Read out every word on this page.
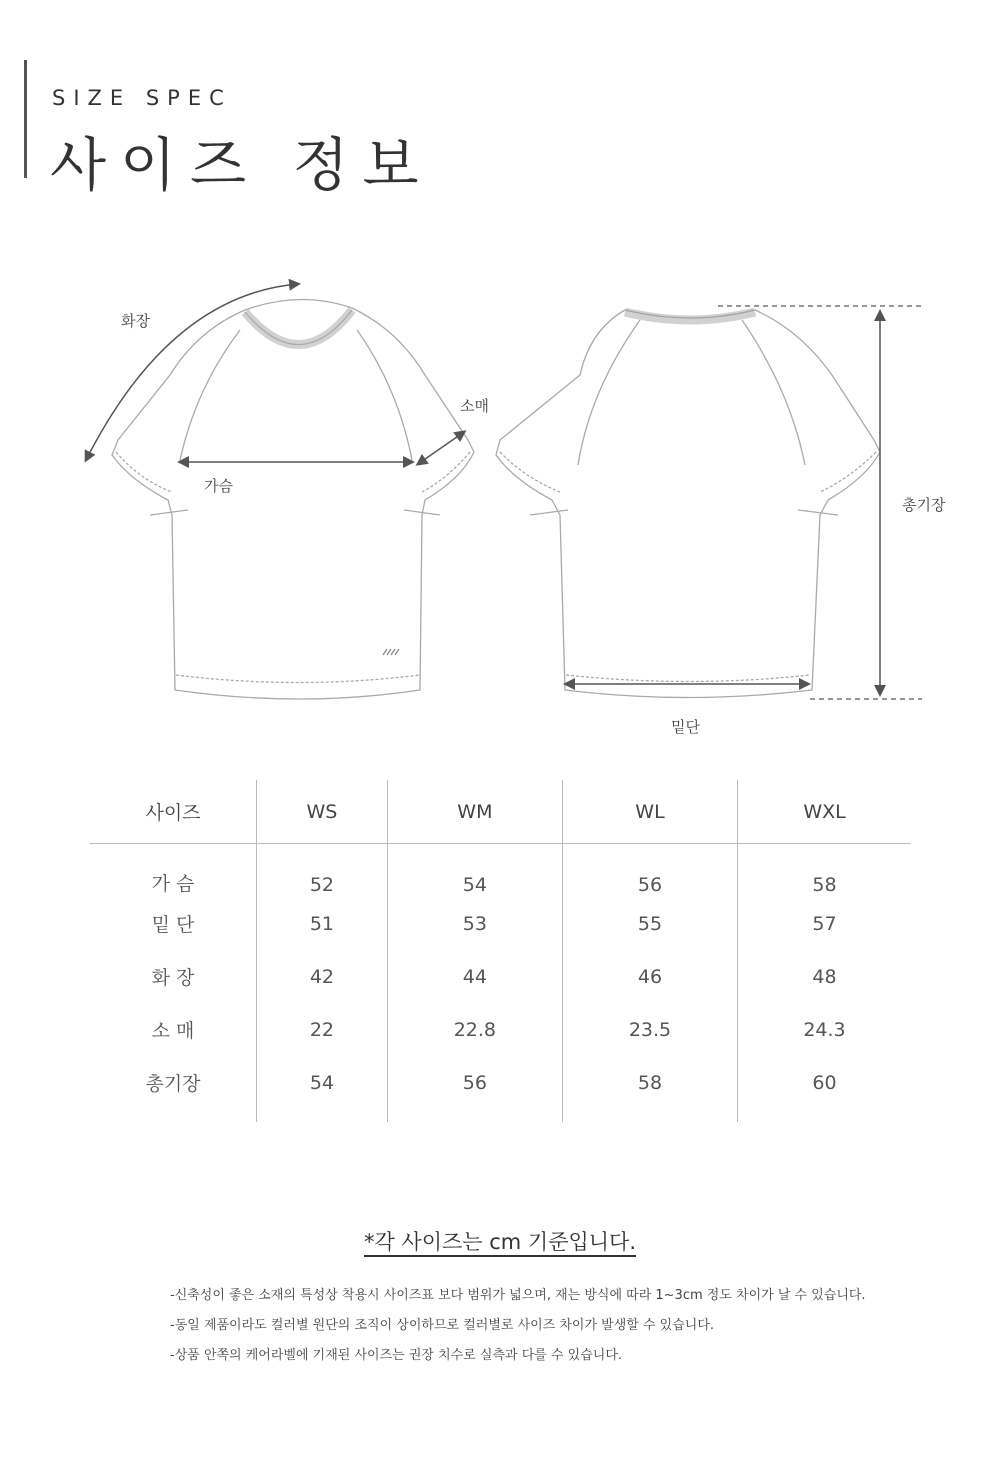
SIZE SPEC
사이즈 정보
화장
소매
가슴
총기장
밑단
사이즈	WS	WM	WL	WXL
가 슴	52	54	56	58
밑 단	51	53	55	57
화 장	42	44	46	48
소 매	22	22.8	23.5	24.3
총기장	54	56	58	60
*각 사이즈는 cm 기준입니다.
-신축성이 좋은 소재의 특성상 착용시 사이즈표 보다 범위가 넓으며, 재는 방식에 따라 1~3cm 정도 차이가 날 수 있습니다.
-동일 제품이라도 컬러별 원단의 조직이 상이하므로 컬러별로 사이즈 차이가 발생할 수 있습니다.
-상품 안쪽의 케어라벨에 기재된 사이즈는 권장 치수로 실측과 다를 수 있습니다.
